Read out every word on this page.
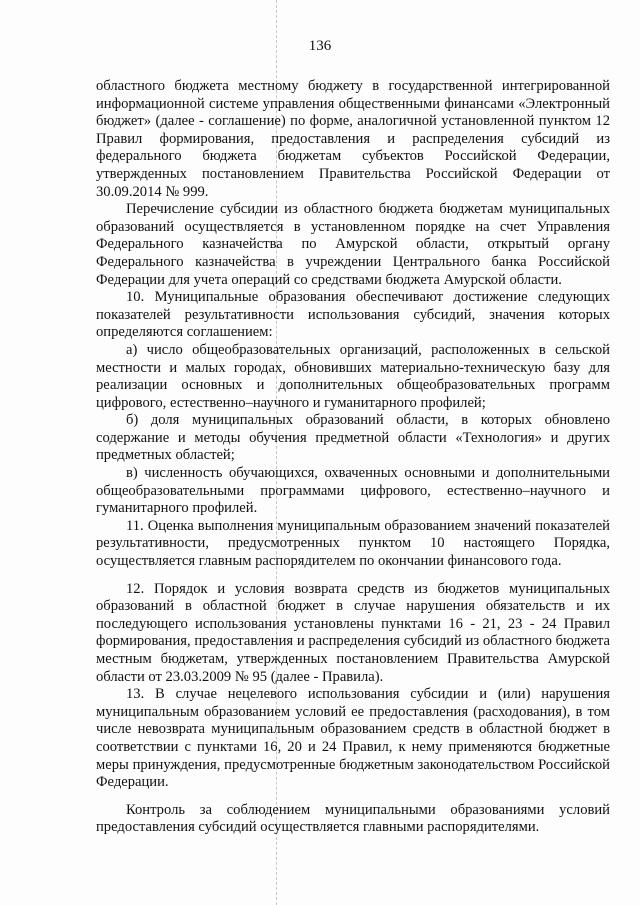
136

областного бюджета местному бюджету в государственной интегрированной информационной системе управления общественными финансами «Электронный бюджет» (далее - соглашение) по форме, аналогичной установленной пунктом 12 Правил формирования, предоставления и распределения субсидий из федерального бюджета бюджетам субъектов Российской Федерации, утвержденных постановлением Правительства Российской Федерации от 30.09.2014 № 999.

Перечисление субсидии из областного бюджета бюджетам муниципальных образований осуществляется в установленном порядке на счет Управления Федерального казначейства по Амурской области, открытый органу Федерального казначейства в учреждении Центрального банка Российской Федерации для учета операций со средствами бюджета Амурской области.

10. Муниципальные образования обеспечивают достижение следующих показателей результативности использования субсидий, значения которых определяются соглашением:

а) число общеобразовательных организаций, расположенных в сельской местности и малых городах, обновивших материально-техническую базу для реализации основных и дополнительных общеобразовательных программ цифрового, естественно–научного и гуманитарного профилей;

б) доля муниципальных образований области, в которых обновлено содержание и методы обучения предметной области «Технология» и других предметных областей;

в) численность обучающихся, охваченных основными и дополнительными общеобразовательными программами цифрового, естественно–научного и гуманитарного профилей.

11. Оценка выполнения муниципальным образованием значений показателей результативности, предусмотренных пунктом 10 настоящего Порядка, осуществляется главным распорядителем по окончании финансового года.

12. Порядок и условия возврата средств из бюджетов муниципальных образований в областной бюджет в случае нарушения обязательств и их последующего использования установлены пунктами 16 - 21, 23 - 24 Правил формирования, предоставления и распределения субсидий из областного бюджета местным бюджетам, утвержденных постановлением Правительства Амурской области от 23.03.2009 № 95 (далее - Правила).

13. В случае нецелевого использования субсидии и (или) нарушения муниципальным образованием условий ее предоставления (расходования), в том числе невозврата муниципальным образованием средств в областной бюджет в соответствии с пунктами 16, 20 и 24 Правил, к нему применяются бюджетные меры принуждения, предусмотренные бюджетным законодательством Российской Федерации.

Контроль за соблюдением муниципальными образованиями условий предоставления субсидий осуществляется главными распорядителями.
